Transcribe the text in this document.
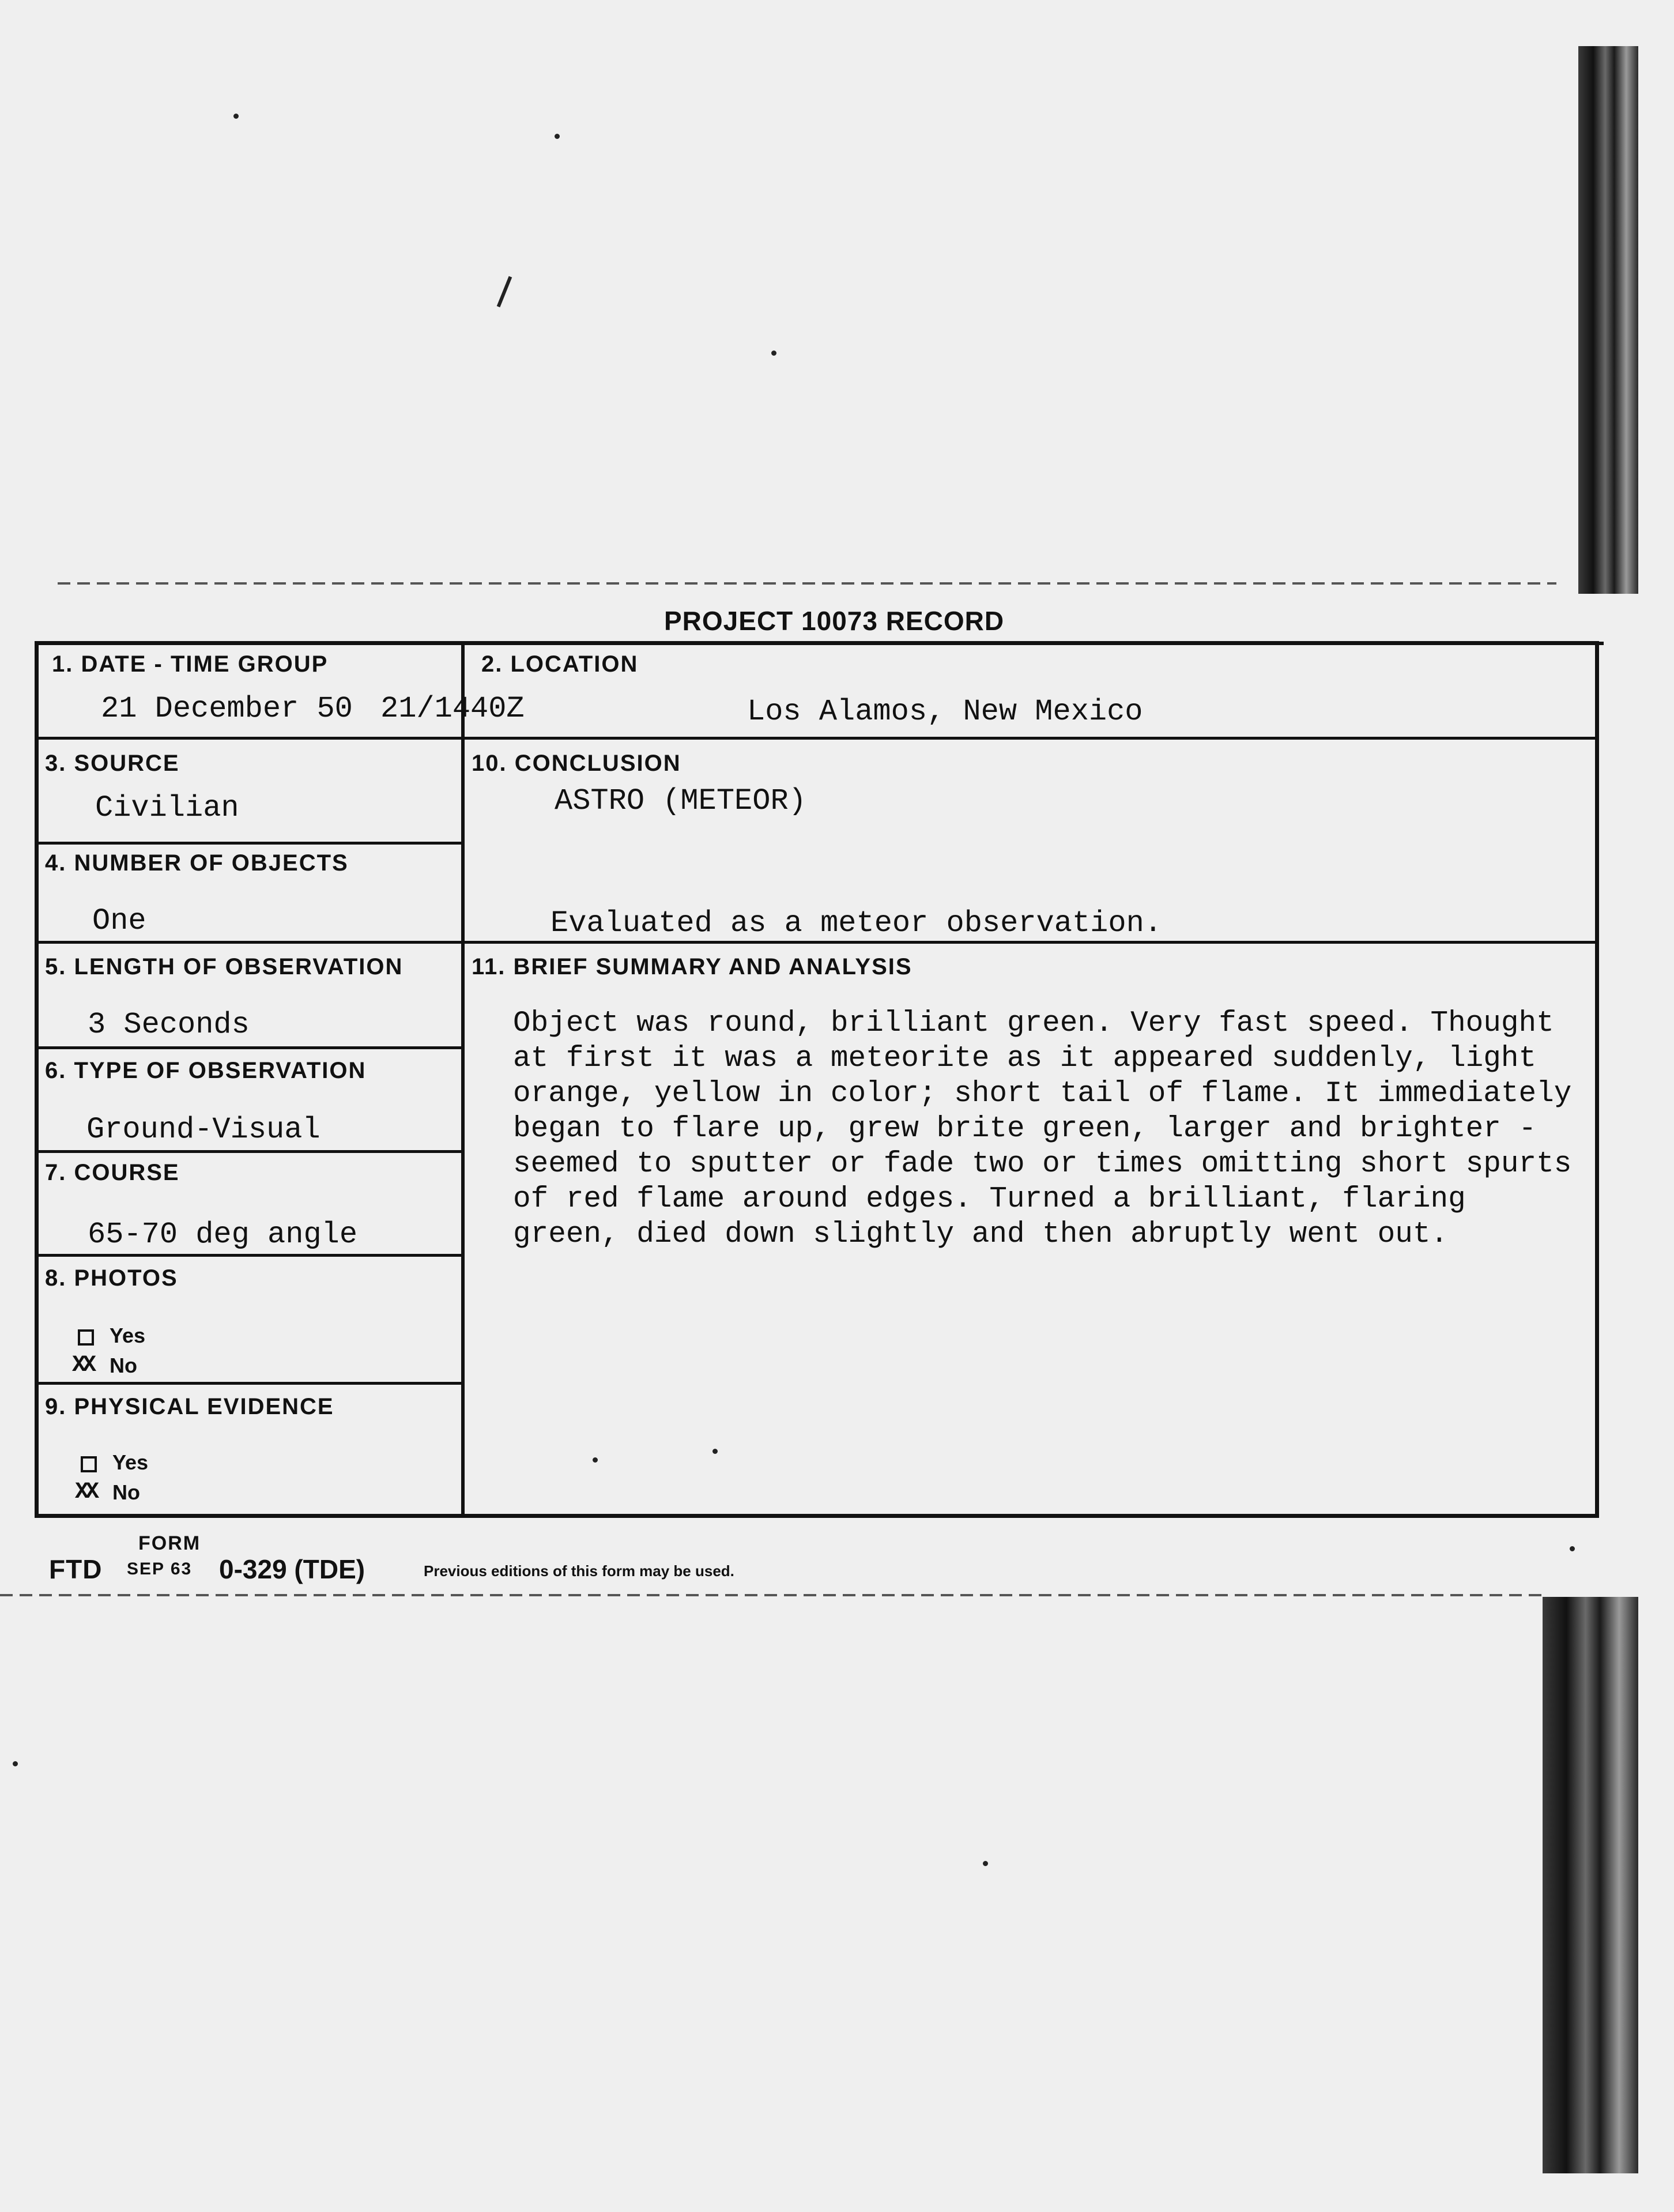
PROJECT 10073 RECORD
1. DATE - TIME GROUP
21 December 50 21/1440Z
2. LOCATION
Los Alamos, New Mexico
3. SOURCE
Civilian
4. NUMBER OF OBJECTS
One
5. LENGTH OF OBSERVATION
3 Seconds
6. TYPE OF OBSERVATION
Ground-Visual
7. COURSE
65-70 deg angle
8. PHOTOS
Yes
XX No
9. PHYSICAL EVIDENCE
Yes
XX No
10. CONCLUSION
ASTRO (METEOR)
Evaluated as a meteor observation.
11. BRIEF SUMMARY AND ANALYSIS
Object was round, brilliant green. Very fast speed. Thought
at first it was a meteorite as it appeared suddenly, light
orange, yellow in color; short tail of flame. It immediately
began to flare up, grew brite green, larger and brighter -
seemed to sputter or fade two or times omitting short spurts
of red flame around edges. Turned a brilliant, flaring
green, died down slightly and then abruptly went out.
FORM
FTD SEP 63 0-329 (TDE)	Previous editions of this form may be used.
